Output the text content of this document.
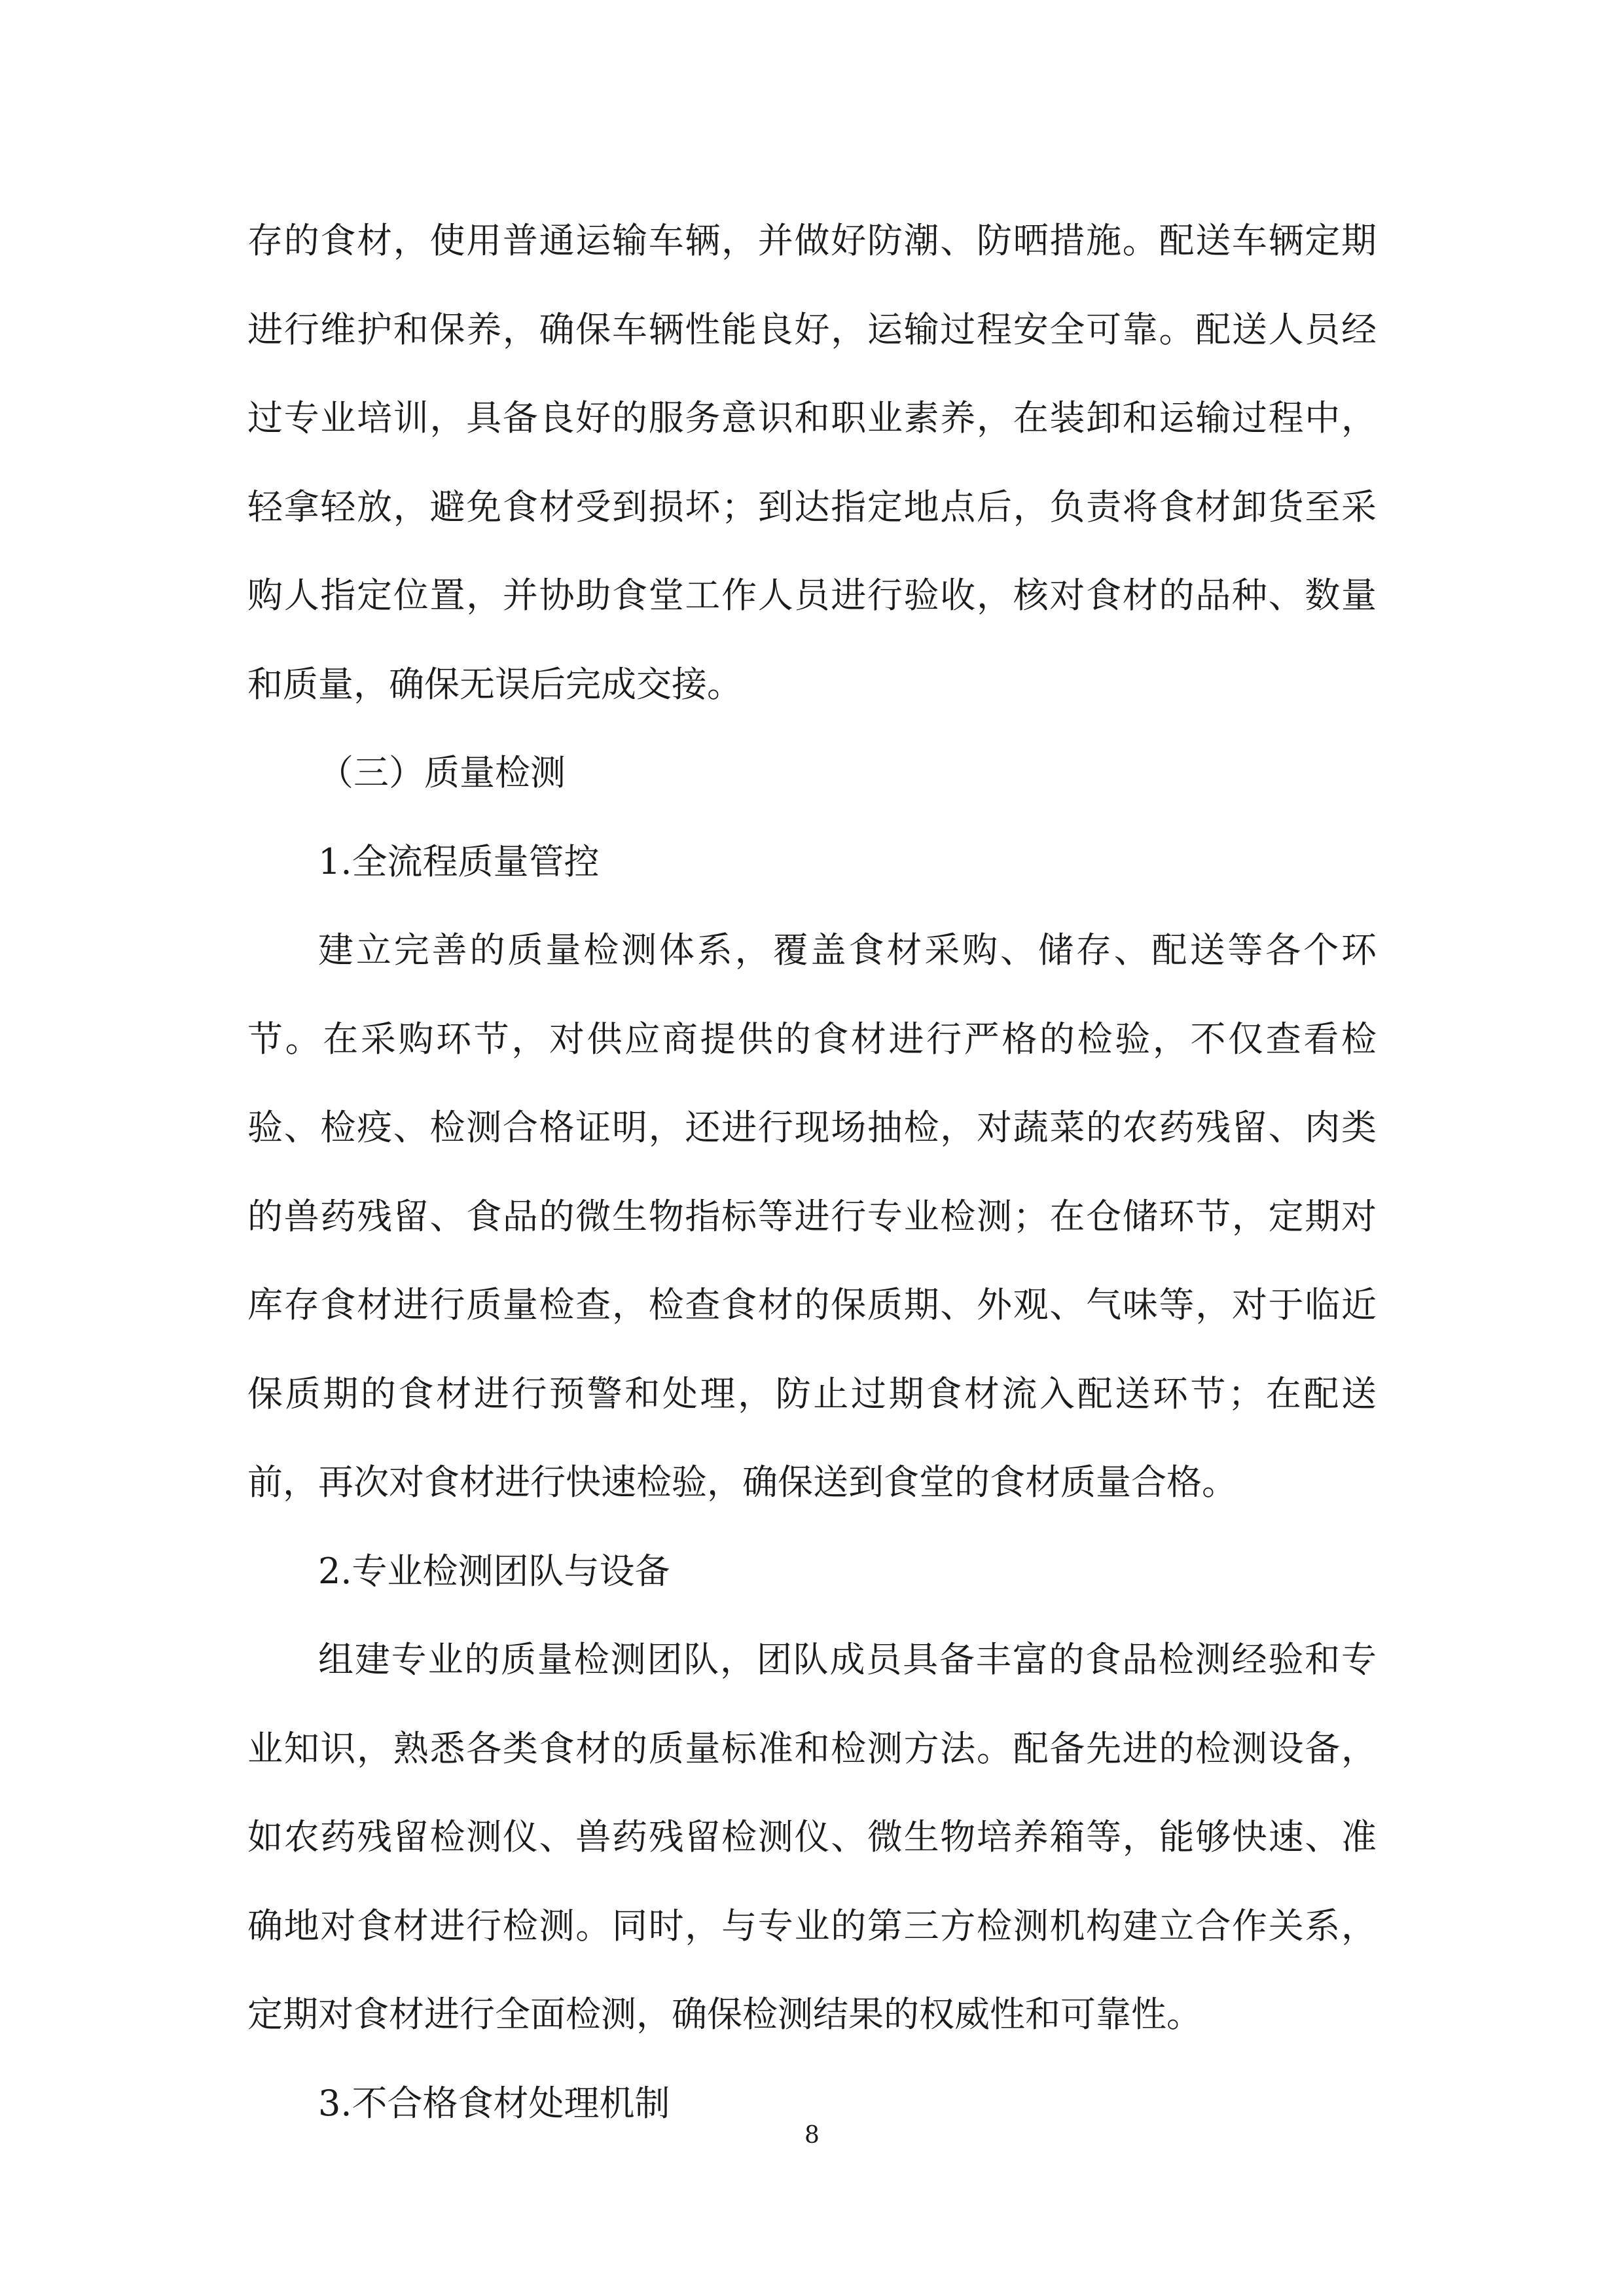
存的食材，使用普通运输车辆，并做好防潮、防晒措施。配送车辆定期进行维护和保养，确保车辆性能良好，运输过程安全可靠。配送人员经过专业培训，具备良好的服务意识和职业素养，在装卸和运输过程中，轻拿轻放，避免食材受到损坏；到达指定地点后，负责将食材卸货至采购人指定位置，并协助食堂工作人员进行验收，核对食材的品种、数量和质量，确保无误后完成交接。

（三）质量检测

1.全流程质量管控

建立完善的质量检测体系，覆盖食材采购、储存、配送等各个环节。在采购环节，对供应商提供的食材进行严格的检验，不仅查看检验、检疫、检测合格证明，还进行现场抽检，对蔬菜的农药残留、肉类的兽药残留、食品的微生物指标等进行专业检测；在仓储环节，定期对库存食材进行质量检查，检查食材的保质期、外观、气味等，对于临近保质期的食材进行预警和处理，防止过期食材流入配送环节；在配送前，再次对食材进行快速检验，确保送到食堂的食材质量合格。

2.专业检测团队与设备

组建专业的质量检测团队，团队成员具备丰富的食品检测经验和专业知识，熟悉各类食材的质量标准和检测方法。配备先进的检测设备，如农药残留检测仪、兽药残留检测仪、微生物培养箱等，能够快速、准确地对食材进行检测。同时，与专业的第三方检测机构建立合作关系，定期对食材进行全面检测，确保检测结果的权威性和可靠性。

3.不合格食材处理机制

8
